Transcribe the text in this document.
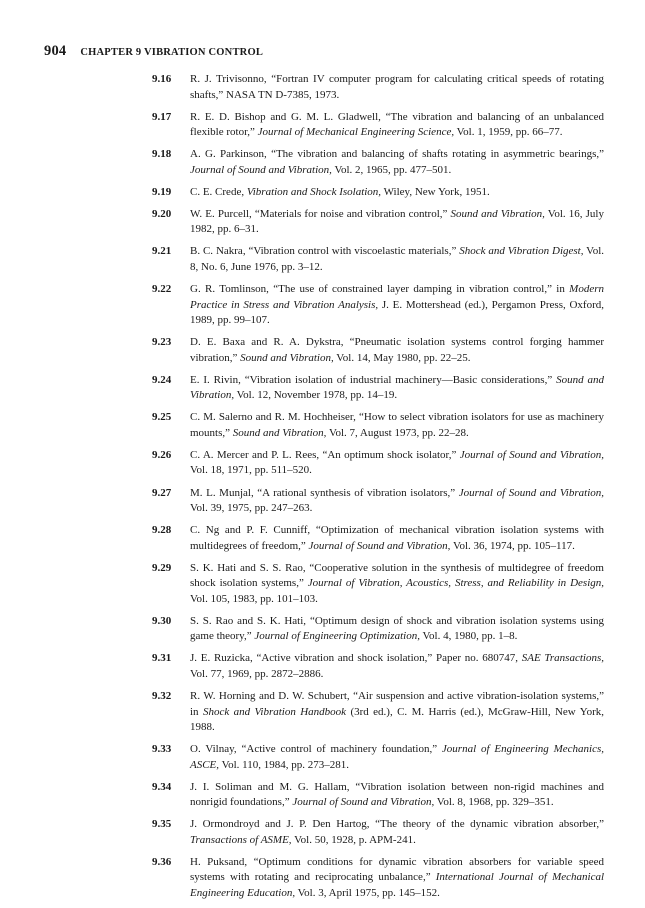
904 CHAPTER 9 VIBRATION CONTROL
9.16	R. J. Trivisonno, “Fortran IV computer program for calculating critical speeds of rotating shafts,” NASA TN D-7385, 1973.
9.17	R. E. D. Bishop and G. M. L. Gladwell, “The vibration and balancing of an unbalanced flexible rotor,” Journal of Mechanical Engineering Science, Vol. 1, 1959, pp. 66–77.
9.18	A. G. Parkinson, “The vibration and balancing of shafts rotating in asymmetric bearings,” Journal of Sound and Vibration, Vol. 2, 1965, pp. 477–501.
9.19	C. E. Crede, Vibration and Shock Isolation, Wiley, New York, 1951.
9.20	W. E. Purcell, “Materials for noise and vibration control,” Sound and Vibration, Vol. 16, July 1982, pp. 6–31.
9.21	B. C. Nakra, “Vibration control with viscoelastic materials,” Shock and Vibration Digest, Vol. 8, No. 6, June 1976, pp. 3–12.
9.22	G. R. Tomlinson, “The use of constrained layer damping in vibration control,” in Modern Practice in Stress and Vibration Analysis, J. E. Mottershead (ed.), Pergamon Press, Oxford, 1989, pp. 99–107.
9.23	D. E. Baxa and R. A. Dykstra, “Pneumatic isolation systems control forging hammer vibration,” Sound and Vibration, Vol. 14, May 1980, pp. 22–25.
9.24	E. I. Rivin, “Vibration isolation of industrial machinery—Basic considerations,” Sound and Vibration, Vol. 12, November 1978, pp. 14–19.
9.25	C. M. Salerno and R. M. Hochheiser, “How to select vibration isolators for use as machinery mounts,” Sound and Vibration, Vol. 7, August 1973, pp. 22–28.
9.26	C. A. Mercer and P. L. Rees, “An optimum shock isolator,” Journal of Sound and Vibration, Vol. 18, 1971, pp. 511–520.
9.27	M. L. Munjal, “A rational synthesis of vibration isolators,” Journal of Sound and Vibration, Vol. 39, 1975, pp. 247–263.
9.28	C. Ng and P. F. Cunniff, “Optimization of mechanical vibration isolation systems with multidegrees of freedom,” Journal of Sound and Vibration, Vol. 36, 1974, pp. 105–117.
9.29	S. K. Hati and S. S. Rao, “Cooperative solution in the synthesis of multidegree of freedom shock isolation systems,” Journal of Vibration, Acoustics, Stress, and Reliability in Design, Vol. 105, 1983, pp. 101–103.
9.30	S. S. Rao and S. K. Hati, “Optimum design of shock and vibration isolation systems using game theory,” Journal of Engineering Optimization, Vol. 4, 1980, pp. 1–8.
9.31	J. E. Ruzicka, “Active vibration and shock isolation,” Paper no. 680747, SAE Transactions, Vol. 77, 1969, pp. 2872–2886.
9.32	R. W. Horning and D. W. Schubert, “Air suspension and active vibration-isolation systems,” in Shock and Vibration Handbook (3rd ed.), C. M. Harris (ed.), McGraw-Hill, New York, 1988.
9.33	O. Vilnay, “Active control of machinery foundation,” Journal of Engineering Mechanics, ASCE, Vol. 110, 1984, pp. 273–281.
9.34	J. I. Soliman and M. G. Hallam, “Vibration isolation between non-rigid machines and nonrigid foundations,” Journal of Sound and Vibration, Vol. 8, 1968, pp. 329–351.
9.35	J. Ormondroyd and J. P. Den Hartog, “The theory of the dynamic vibration absorber,” Transactions of ASME, Vol. 50, 1928, p. APM-241.
9.36	H. Puksand, “Optimum conditions for dynamic vibration absorbers for variable speed systems with rotating and reciprocating unbalance,” International Journal of Mechanical Engineering Education, Vol. 3, April 1975, pp. 145–152.
